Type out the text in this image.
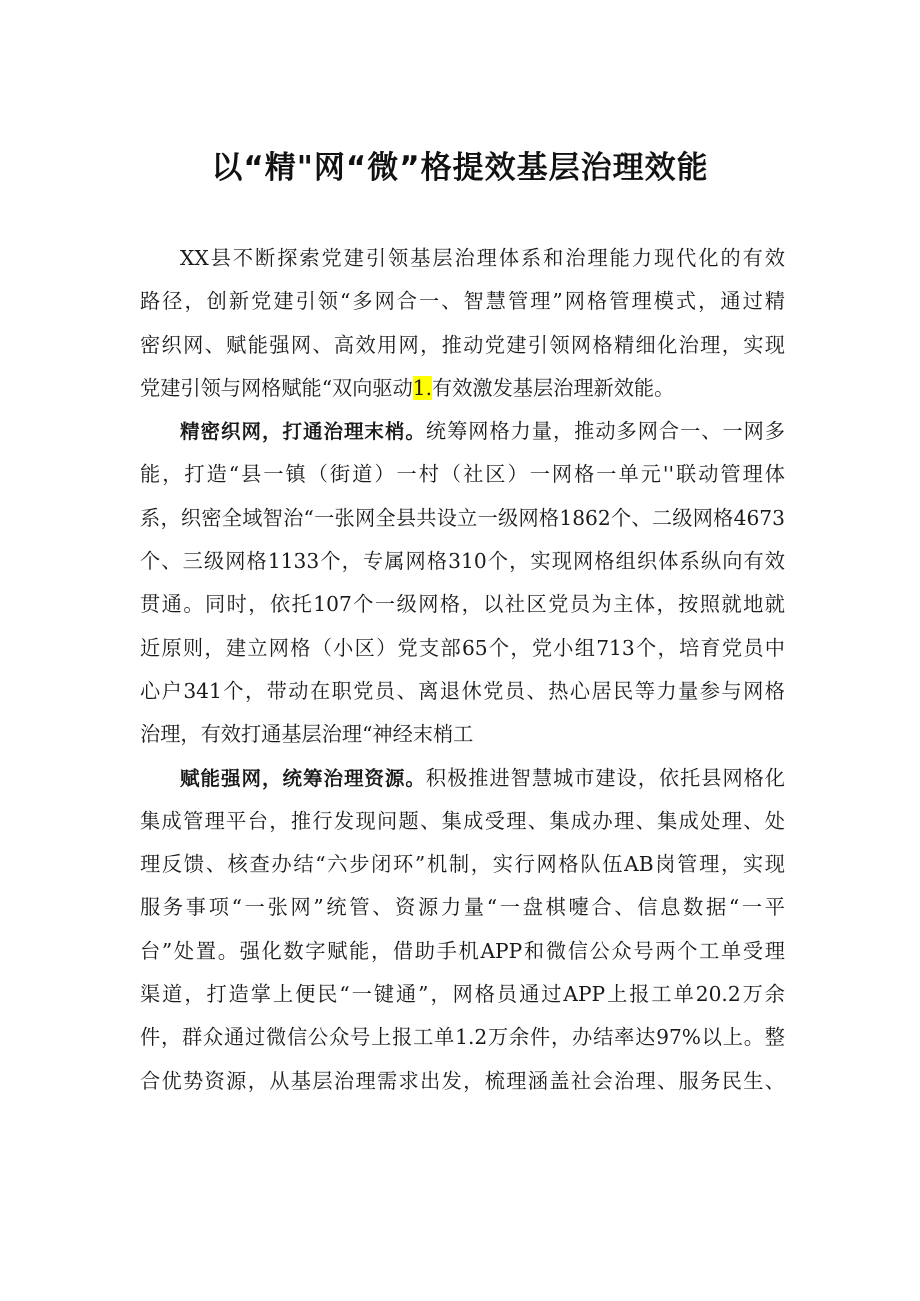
以“精"网“微”格提效基层治理效能
XX县不断探索党建引领基层治理体系和治理能力现代化的有效
路径，创新党建引领“多网合一、智慧管理”网格管理模式，通过精
密织网、赋能强网、高效用网，推动党建引领网格精细化治理，实现
党建引领与网格赋能“双向驱动1.有效激发基层治理新效能。
精密织网，打通治理末梢。统筹网格力量，推动多网合一、一网多
能，打造“县一镇（街道）一村（社区）一网格一单元''联动管理体
系，织密全域智治“一张网全县共设立一级网格1862个、二级网格4673
个、三级网格1133个，专属网格310个，实现网格组织体系纵向有效
贯通。同时，依托107个一级网格，以社区党员为主体，按照就地就
近原则，建立网格（小区）党支部65个，党小组713个，培育党员中
心户341个，带动在职党员、离退休党员、热心居民等力量参与网格
治理，有效打通基层治理“神经末梢工
赋能强网，统筹治理资源。积极推进智慧城市建设，依托县网格化
集成管理平台，推行发现问题、集成受理、集成办理、集成处理、处
理反馈、核查办结“六步闭环”机制，实行网格队伍AB岗管理，实现
服务事项“一张网”统管、资源力量“一盘棋嚏合、信息数据“一平
台”处置。强化数字赋能，借助手机APP和微信公众号两个工单受理
渠道，打造掌上便民“一键通”，网格员通过APP上报工单20.2万余
件，群众通过微信公众号上报工单1.2万余件，办结率达97%以上。整
合优势资源，从基层治理需求出发，梳理涵盖社会治理、服务民生、
